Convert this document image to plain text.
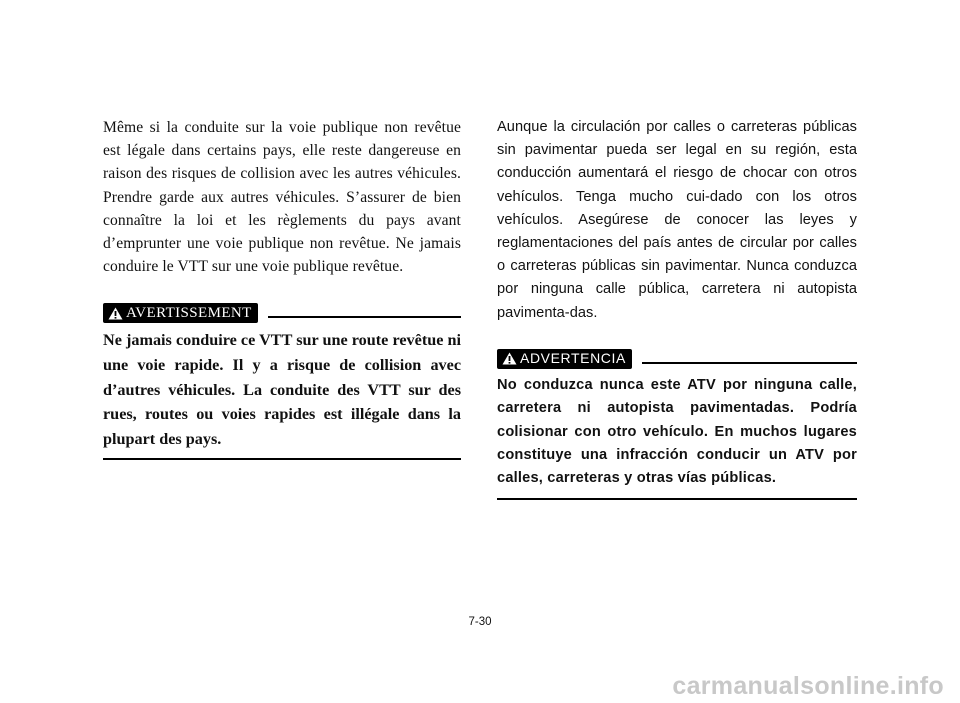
Même si la conduite sur la voie publique non revêtue est légale dans certains pays, elle reste dangereuse en raison des risques de collision avec les autres véhicules. Prendre garde aux autres véhicules. S’assurer de bien connaître la loi et les règlements du pays avant d’emprunter une voie publique non revêtue. Ne jamais conduire le VTT sur une voie publique revêtue.

AVERTISSEMENT

Ne jamais conduire ce VTT sur une route revêtue ni une voie rapide. Il y a risque de collision avec d’autres véhicules. La conduite des VTT sur des rues, routes ou voies rapides est illégale dans la plupart des pays.

Aunque la circulación por calles o carreteras públicas sin pavimentar pueda ser legal en su región, esta conducción aumentará el riesgo de chocar con otros vehículos. Tenga mucho cui-dado con los otros vehículos. Asegúrese de conocer las leyes y reglamentaciones del país antes de circular por calles o carreteras públicas sin pavimentar. Nunca conduzca por ninguna calle pública, carretera ni autopista pavimenta-das.

ADVERTENCIA

No conduzca nunca este ATV por ninguna calle, carretera ni autopista pavimentadas. Podría colisionar con otro vehículo. En muchos lugares constituye una infracción conducir un ATV por calles, carreteras y otras vías públicas.

7-30
carmanualsonline.info
